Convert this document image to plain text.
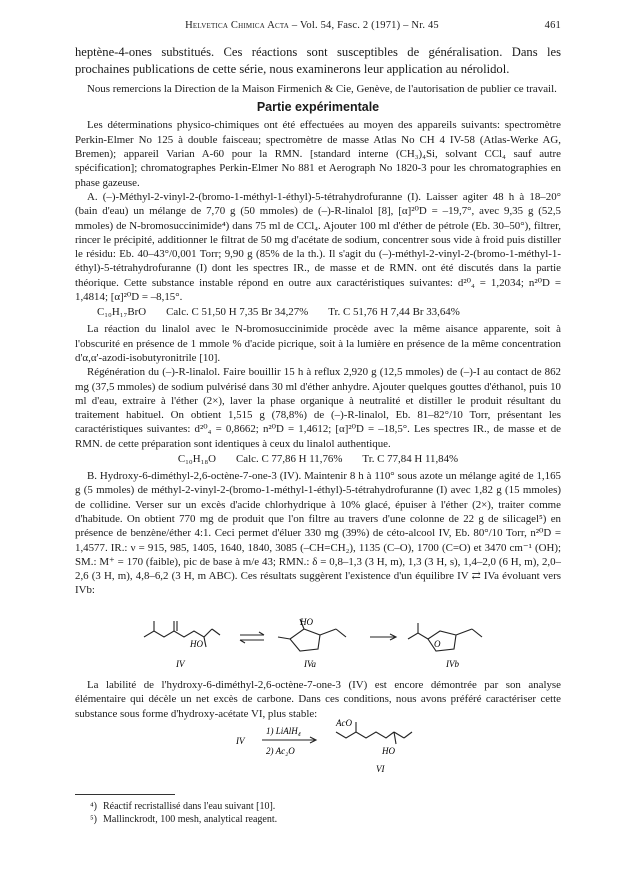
Helvetica Chimica Acta – Vol. 54, Fasc. 2 (1971) – Nr. 45	461

heptène-4-ones substitués. Ces réactions sont susceptibles de généralisation. Dans les prochaines publications de cette série, nous examinerons leur application au nérolidol.

Nous remercions la Direction de la Maison Firmenich & Cie, Genève, de l'autorisation de publier ce travail.

Partie expérimentale

Les déterminations physico-chimiques ont été effectuées au moyen des appareils suivants: spectromètre Perkin-Elmer No 125 à double faisceau; spectromètre de masse Atlas No CH 4 IV-58 (Atlas-Werke AG, Bremen); appareil Varian A-60 pour la RMN. [standard interne (CH₃)₄Si, solvant CCl₄ sauf autre spécification]; chromatographes Perkin-Elmer No 881 et Aerograph No 1820-3 pour les chromatographies en phase gazeuse.

A. (–)-Méthyl-2-vinyl-2-(bromo-1-méthyl-1-éthyl)-5-tétrahydrofuranne (I). Laisser agiter 48 h à 18–20° (bain d'eau) un mélange de 7,70 g (50 mmoles) de (–)-R-linalol [8], [α]²⁰D = –19,7°, avec 9,35 g (52,5 mmoles) de N-bromosuccinimide⁴) dans 75 ml de CCl₄. Ajouter 100 ml d'éther de pétrole (Eb. 30–50°), filtrer, rincer le précipité, additionner le filtrat de 50 mg d'acétate de sodium, concentrer sous vide à froid puis distiller le résidu: Eb. 40–43°/0,001 Torr; 9,90 g (85% de la th.). Il s'agit du (–)-méthyl-2-vinyl-2-(bromo-1-méthyl-1-éthyl)-5-tétrahydrofuranne (I) dont les spectres IR., de masse et de RMN. ont été discutés dans la partie théorique. Cette substance instable répond en outre aux caractéristiques suivantes: d²⁰₄ = 1,2034; n²⁰D = 1,4814; [α]²⁰D = –8,15°.

C₁₀H₁₇BrO Calc. C 51,50 H 7,35 Br 34,27% Tr. C 51,76 H 7,44 Br 33,64%

La réaction du linalol avec le N-bromosuccinimide procède avec la même aisance apparente, soit à l'obscurité en présence de 1 mmole % d'acide picrique, soit à la lumière en présence de la même concentration d'α,α'-azodi-isobutyronitrile [10].

Régénération du (–)-R-linalol. Faire bouillir 15 h à reflux 2,920 g (12,5 mmoles) de (–)-I au contact de 862 mg (37,5 mmoles) de sodium pulvérisé dans 30 ml d'éther anhydre. Ajouter quelques gouttes d'éthanol, puis 10 ml d'eau, extraire à l'éther (2×), laver la phase organique à neutralité et distiller le produit résultant du traitement habituel. On obtient 1,515 g (78,8%) de (–)-R-linalol, Eb. 81–82°/10 Torr, présentant les caractéristiques suivantes: d²⁰₄ = 0,8662; n²⁰D = 1,4612; [α]²⁰D = –18,5°. Les spectres IR., de masse et de RMN. de cette préparation sont identiques à ceux du linalol authentique.

C₁₀H₁₈O Calc. C 77,86 H 11,76% Tr. C 77,84 H 11,84%

B. Hydroxy-6-diméthyl-2,6-octène-7-one-3 (IV). Maintenir 8 h à 110° sous azote un mélange agité de 1,165 g (5 mmoles) de méthyl-2-vinyl-2-(bromo-1-méthyl-1-éthyl)-5-tétrahydrofuranne (I) avec 1,82 g (15 mmoles) de collidine. Verser sur un excès d'acide chlorhydrique à 10% glacé, épuiser à l'éther (2×), traiter comme d'habitude. On obtient 770 mg de produit que l'on filtre au travers d'une colonne de 22 g de silicagel⁵) en présence de benzène/éther 4:1. Ceci permet d'éluer 330 mg (39%) de céto-alcool IV, Eb. 80°/10 Torr, n²⁰D = 1,4577. IR.: ν = 915, 985, 1405, 1640, 1840, 3085 (–CH=CH₂), 1135 (C–O), 1700 (C=O) et 3470 cm⁻¹ (OH); SM.: M⁺ = 170 (faible), pic de base à m/e 43; RMN.: δ = 0,8–1,3 (3 H, m), 1,3 (3 H, s), 1,4–2,0 (6 H, m), 2,0–2,6 (3 H, m), 4,8–6,2 (3 H, m ABC). Ces résultats suggèrent l'existence d'un équilibre IV ⇄ IVa évoluant vers IVb:

HO
HO
O
IV	IVa	IVb

La labilité de l'hydroxy-6-diméthyl-2,6-octène-7-one-3 (IV) est encore démontrée par son analyse élémentaire qui décèle un net excès de carbone. Dans ces conditions, nous avons préféré caractériser cette substance sous forme d'hydroxy-acétate VI, plus stable:

IV
1) LiAlH₄
2) Ac₂O
AcO
HO
VI
⁴) Réactif recristallisé dans l'eau suivant [10].
⁵) Mallinckrodt, 100 mesh, analytical reagent.
